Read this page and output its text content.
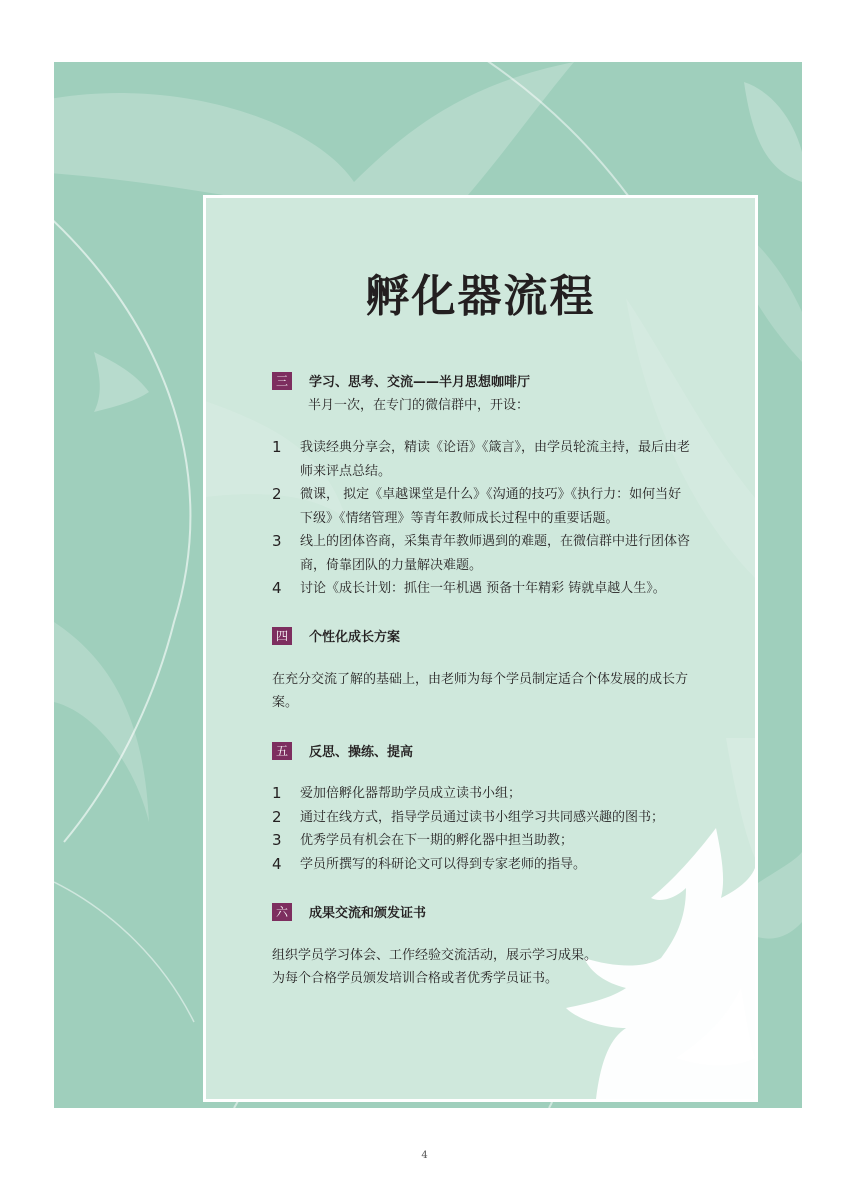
孵化器流程
三	学习、思考、交流——半月思想咖啡厅
半月一次，在专门的微信群中，开设：
1	我读经典分享会，精读《论语》《箴言》，由学员轮流主持，最后由老师来评点总结。
2	微课， 拟定《卓越课堂是什么》《沟通的技巧》《执行力：如何当好下级》《情绪管理》等青年教师成长过程中的重要话题。
3	线上的团体咨商，采集青年教师遇到的难题，在微信群中进行团体咨商，倚靠团队的力量解决难题。
4	讨论《成长计划：抓住一年机遇 预备十年精彩 铸就卓越人生》。
四	个性化成长方案

在充分交流了解的基础上，由老师为每个学员制定适合个体发展的成长方案。

五	反思、操练、提高
1	爱加倍孵化器帮助学员成立读书小组；
2	通过在线方式，指导学员通过读书小组学习共同感兴趣的图书；
3	优秀学员有机会在下一期的孵化器中担当助教；
4	学员所撰写的科研论文可以得到专家老师的指导。
六	成果交流和颁发证书
组织学员学习体会、工作经验交流活动，展示学习成果。
为每个合格学员颁发培训合格或者优秀学员证书。
4
